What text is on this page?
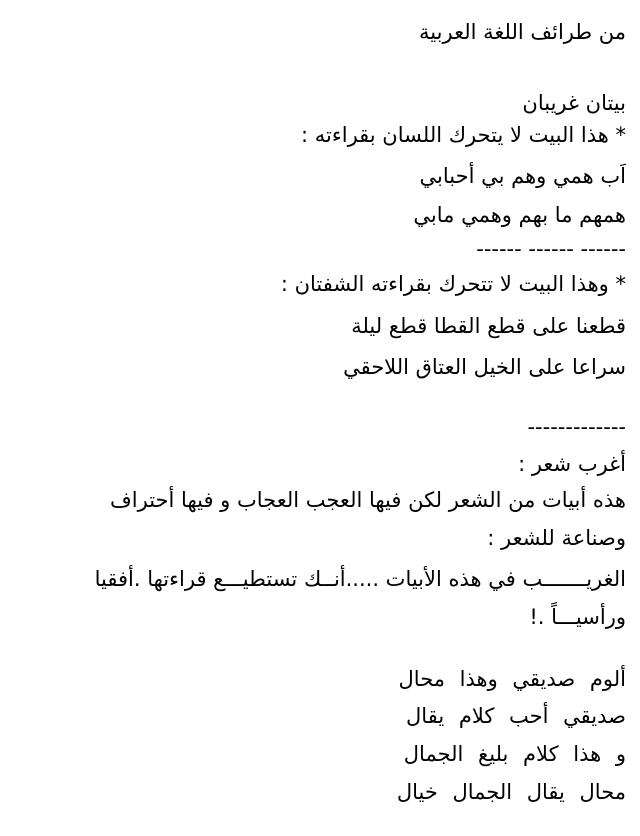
من طرائف اللغة العربية
بيتان غريبان
* هذا البيت لا يتحرك اللسان بقراءته :
اَب همي وهم بي أحبابي
همهم ما بهم وهمي مابي
------ ------ ------
* وهذا البيت لا تتحرك بقراءته الشفتان :
قطعنا على قطع القطا قطع ليلة
سراعا على الخيل العتاق اللاحقي
-------------
أغرب شعر :
هذه أبيات من الشعر لكن فيها العجب العجاب و فيها أحتراف
وصناعة للشعر :
الغريـــــــب في هذه الأبيات .....أنــك تستطيـــع قراءتها .أفقيا
ورأسيـــاً .!
ألوم صديقي وهذا محال
صديقي أحب كلام يقال
و هذا كلام بليغ الجمال
محال يقال الجمال خيال
